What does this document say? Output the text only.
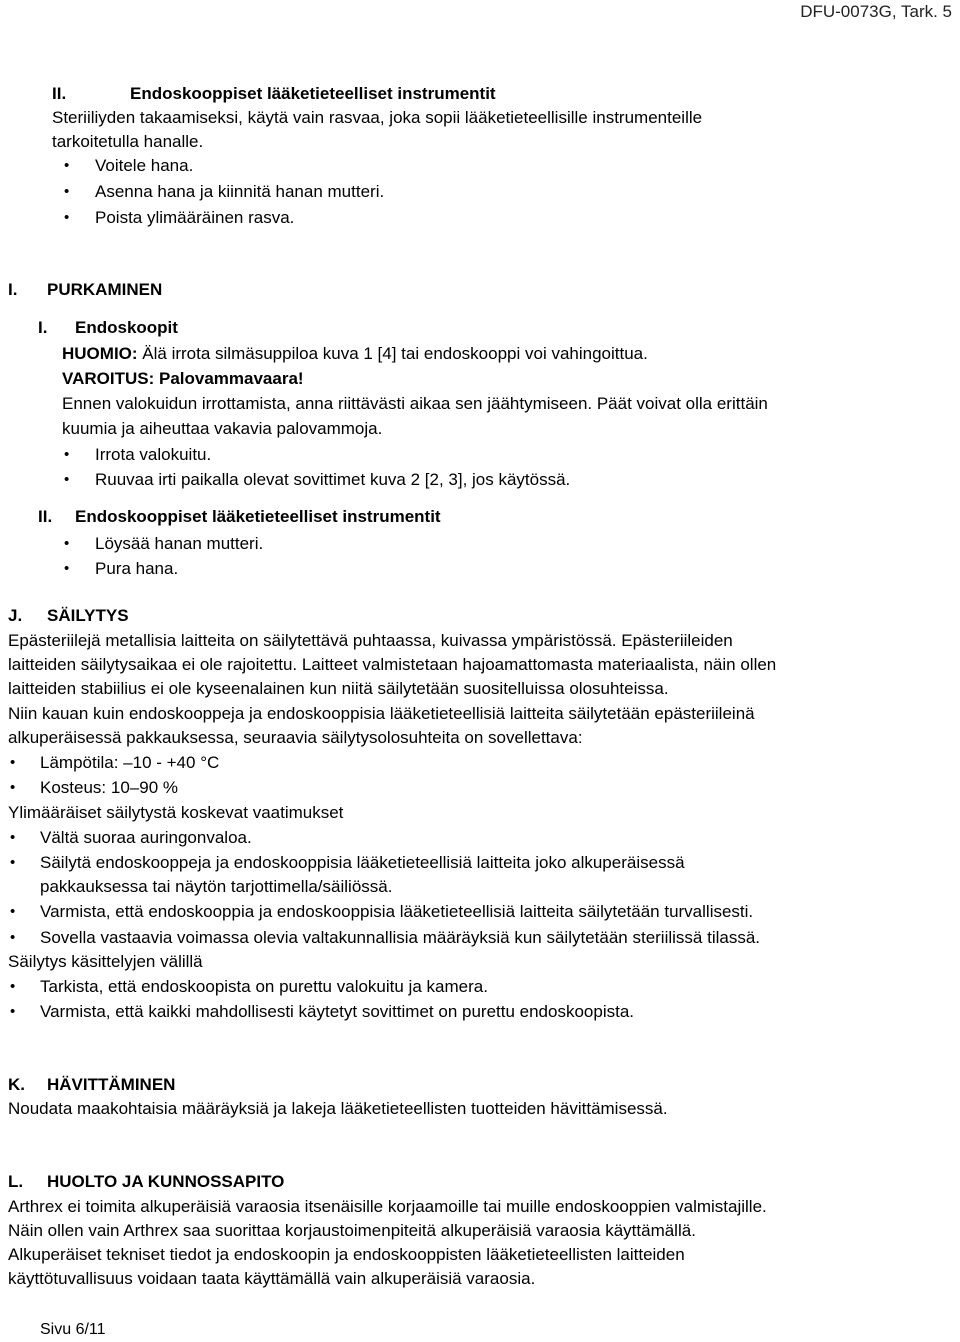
DFU-0073G, Tark. 5
II.	Endoskooppiset lääketieteelliset instrumentit
Steriiliyden takaamiseksi, käytä vain rasvaa, joka sopii lääketieteellisille instrumenteille
tarkoitetulla hanalle.
• Voitele hana.
• Asenna hana ja kiinnitä hanan mutteri.
• Poista ylimääräinen rasva.
I. PURKAMINEN
I. Endoskoopit
HUOMIO: Älä irrota silmäsuppiloa kuva 1 [4] tai endoskooppi voi vahingoittua.
VAROITUS: Palovammavaara!
Ennen valokuidun irrottamista, anna riittävästi aikaa sen jäähtymiseen. Päät voivat olla erittäin
kuumia ja aiheuttaa vakavia palovammoja.
• Irrota valokuitu.
• Ruuvaa irti paikalla olevat sovittimet kuva 2 [2, 3], jos käytössä.
II. Endoskooppiset lääketieteelliset instrumentit
• Löysää hanan mutteri.
• Pura hana.
J. SÄILYTYS
Epästeriilejä metallisia laitteita on säilytettävä puhtaassa, kuivassa ympäristössä. Epästeriileiden
laitteiden säilytysaikaa ei ole rajoitettu. Laitteet valmistetaan hajoamattomasta materiaalista, näin ollen
laitteiden stabiilius ei ole kyseenalainen kun niitä säilytetään suositelluissa olosuhteissa.
Niin kauan kuin endoskooppeja ja endoskooppisia lääketieteellisiä laitteita säilytetään epästeriileinä
alkuperäisessä pakkauksessa, seuraavia säilytysolosuhteita on sovellettava:
• Lämpötila: –10 - +40 °C
• Kosteus: 10–90 %
Ylimääräiset säilytystä koskevat vaatimukset
• Vältä suoraa auringonvaloa.
• Säilytä endoskooppeja ja endoskooppisia lääketieteellisiä laitteita joko alkuperäisessä
pakkauksessa tai näytön tarjottimella/säiliössä.
• Varmista, että endoskooppia ja endoskooppisia lääketieteellisiä laitteita säilytetään turvallisesti.
• Sovella vastaavia voimassa olevia valtakunnallisia määräyksiä kun säilytetään steriilissä tilassä.
Säilytys käsittelyjen välillä
• Tarkista, että endoskoopista on purettu valokuitu ja kamera.
• Varmista, että kaikki mahdollisesti käytetyt sovittimet on purettu endoskoopista.
K. HÄVITTÄMINEN
Noudata maakohtaisia määräyksiä ja lakeja lääketieteellisten tuotteiden hävittämisessä.
L. HUOLTO JA KUNNOSSAPITO
Arthrex ei toimita alkuperäisiä varaosia itsenäisille korjaamoille tai muille endoskooppien valmistajille.
Näin ollen vain Arthrex saa suorittaa korjaustoimenpiteitä alkuperäisiä varaosia käyttämällä.
Alkuperäiset tekniset tiedot ja endoskoopin ja endoskooppisten lääketieteellisten laitteiden
käyttötuvallisuus voidaan taata käyttämällä vain alkuperäisiä varaosia.
Sivu 6/11
